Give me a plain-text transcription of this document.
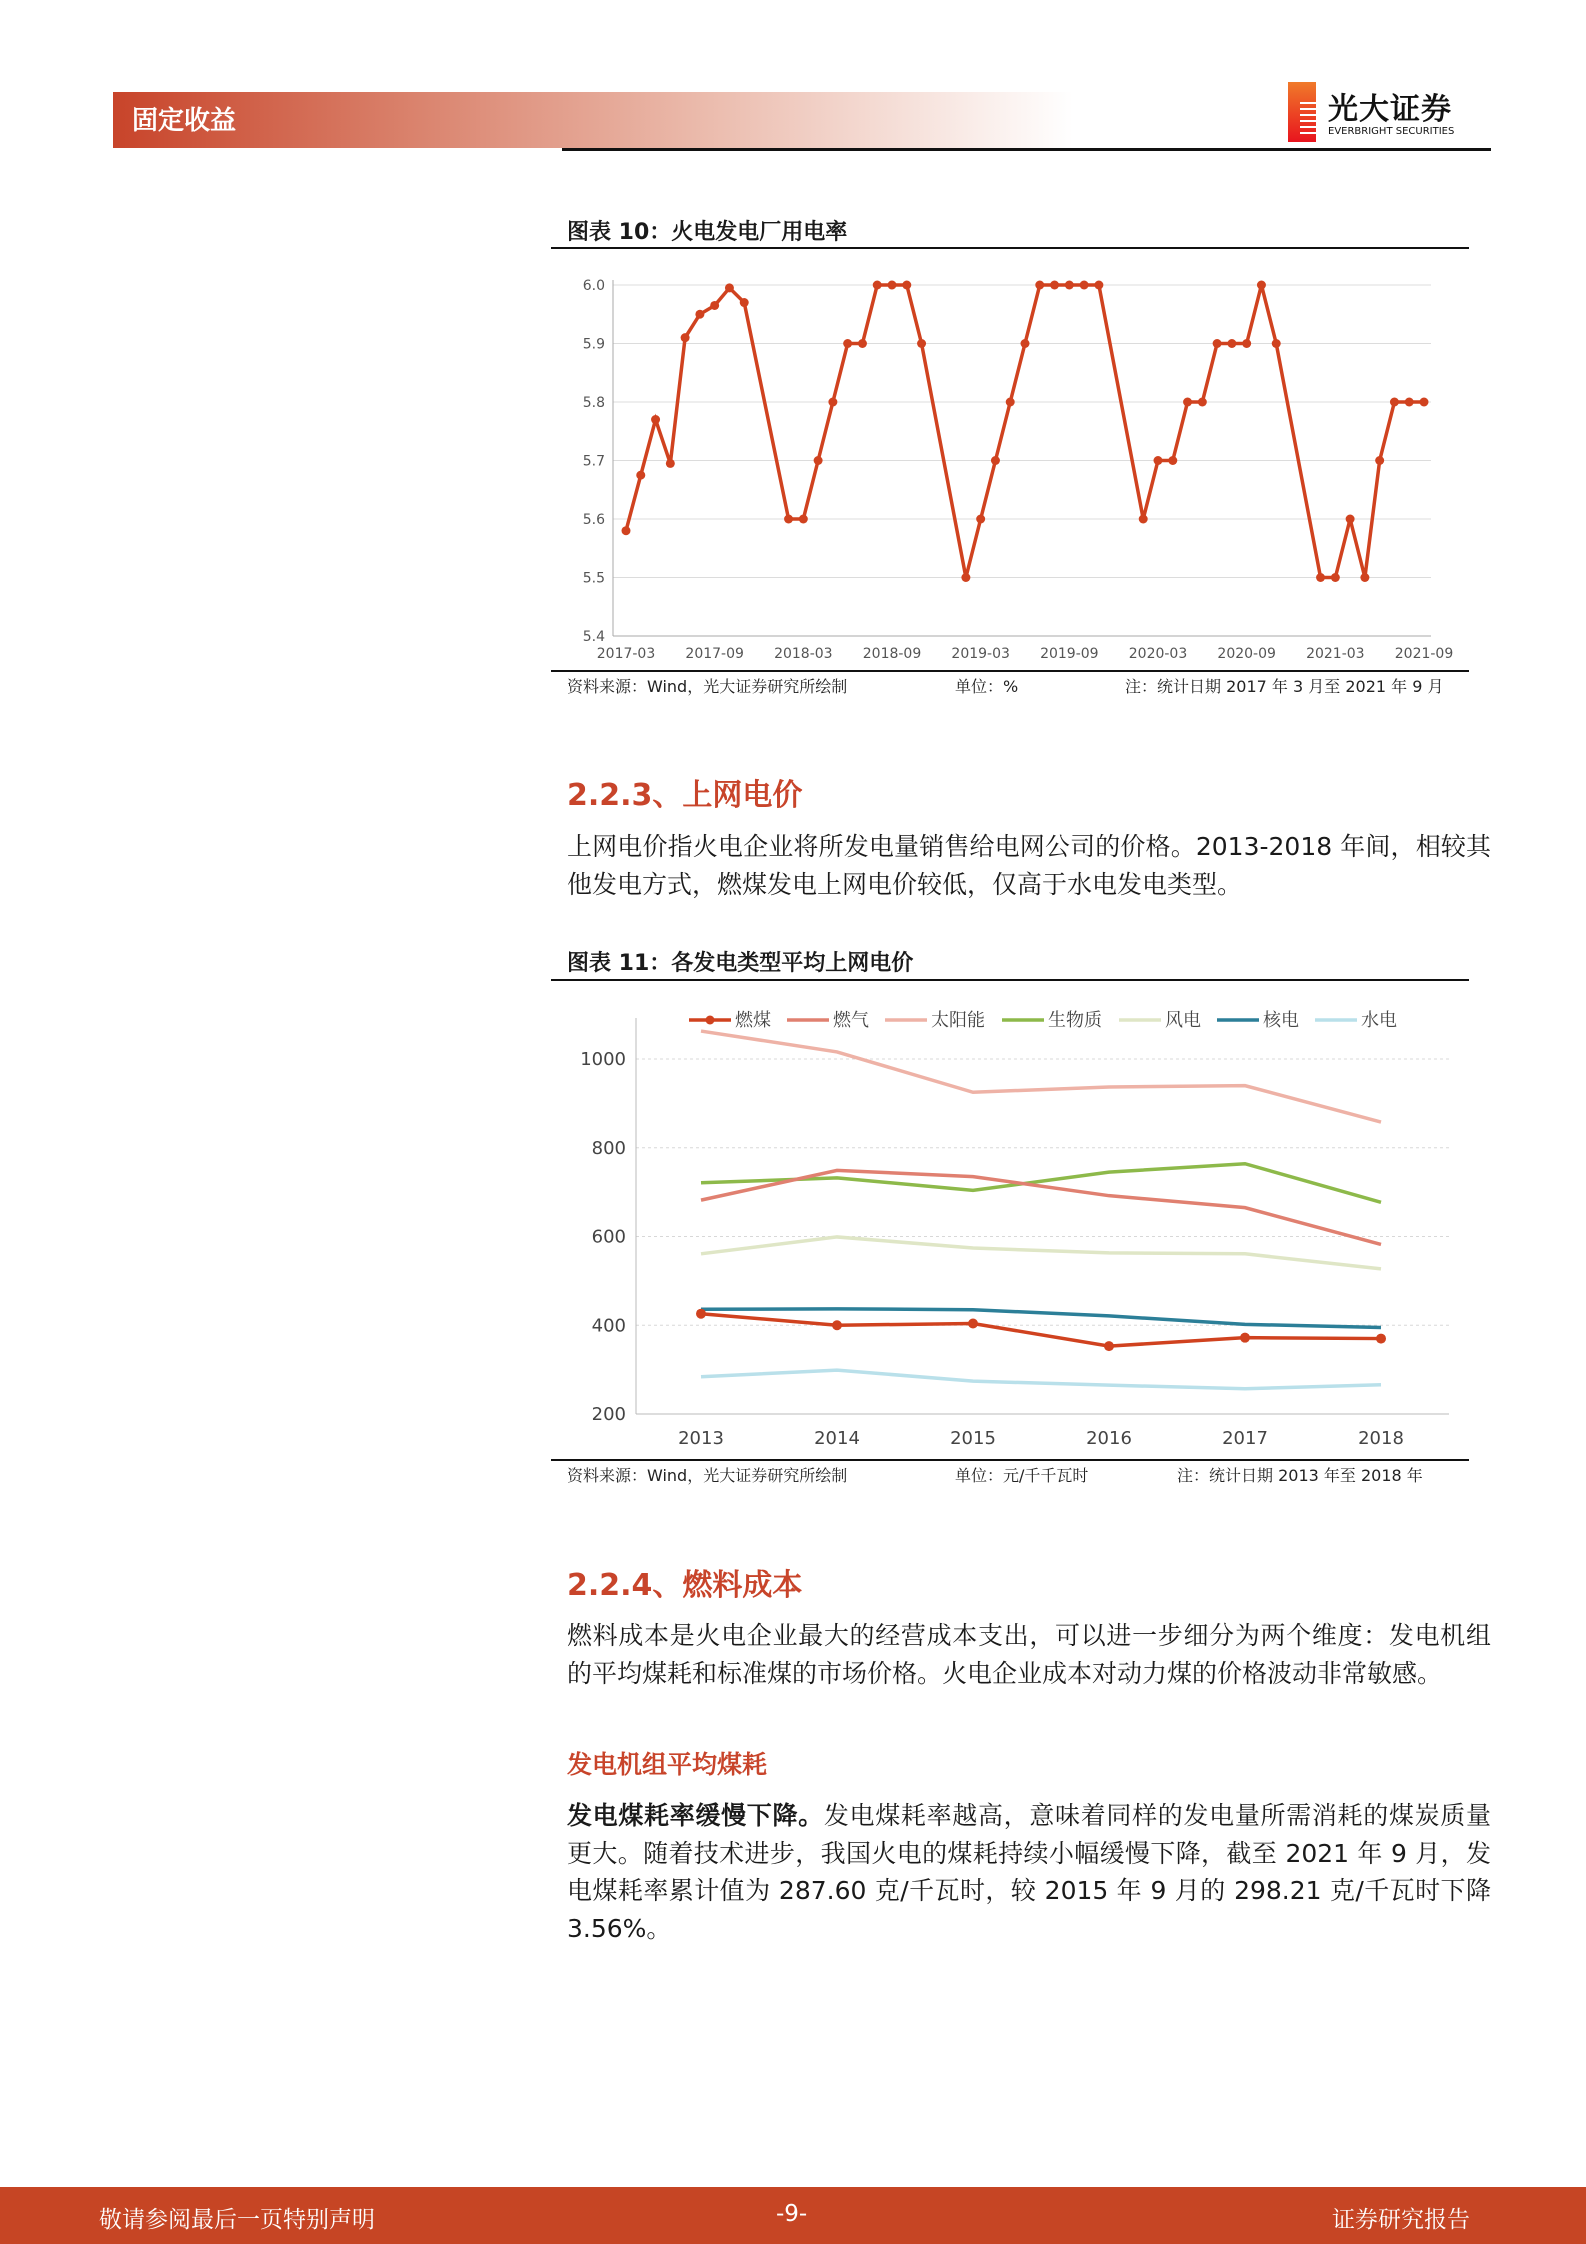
固定收益	光大证券
EVERBRIGHT SECURITIES
图表 10：火电发电厂用电率
5.4
5.5
5.6
5.7
5.8
5.9
6.0
2017-03 2017-09 2018-03 2018-09 2019-03 2019-09 2020-03 2020-09 2021-03 2021-09
资料来源：Wind，光大证券研究所绘制	单位：%	注：统计日期 2017 年 3 月至 2021 年 9 月
2.2.3、上网电价
上网电价指火电企业将所发电量销售给电网公司的价格。2013-2018 年间，相较其他发电方式，燃煤发电上网电价较低，仅高于水电发电类型。
图表 11：各发电类型平均上网电价
200
400
600
800
1000
2013	2014	2015	2016	2017	2018
燃煤	燃气	太阳能	生物质	风电	核电	水电
资料来源：Wind，光大证券研究所绘制	单位：元/千千瓦时	注：统计日期 2013 年至 2018 年
2.2.4、燃料成本
燃料成本是火电企业最大的经营成本支出，可以进一步细分为两个维度：发电机组的平均煤耗和标准煤的市场价格。火电企业成本对动力煤的价格波动非常敏感。
发电机组平均煤耗
发电煤耗率缓慢下降。发电煤耗率越高，意味着同样的发电量所需消耗的煤炭质量更大。随着技术进步，我国火电的煤耗持续小幅缓慢下降，截至 2021 年 9 月，发电煤耗率累计值为 287.60 克/千瓦时，较 2015 年 9 月的 298.21 克/千瓦时下降 3.56%。
敬请参阅最后一页特别声明	-9-	证券研究报告
